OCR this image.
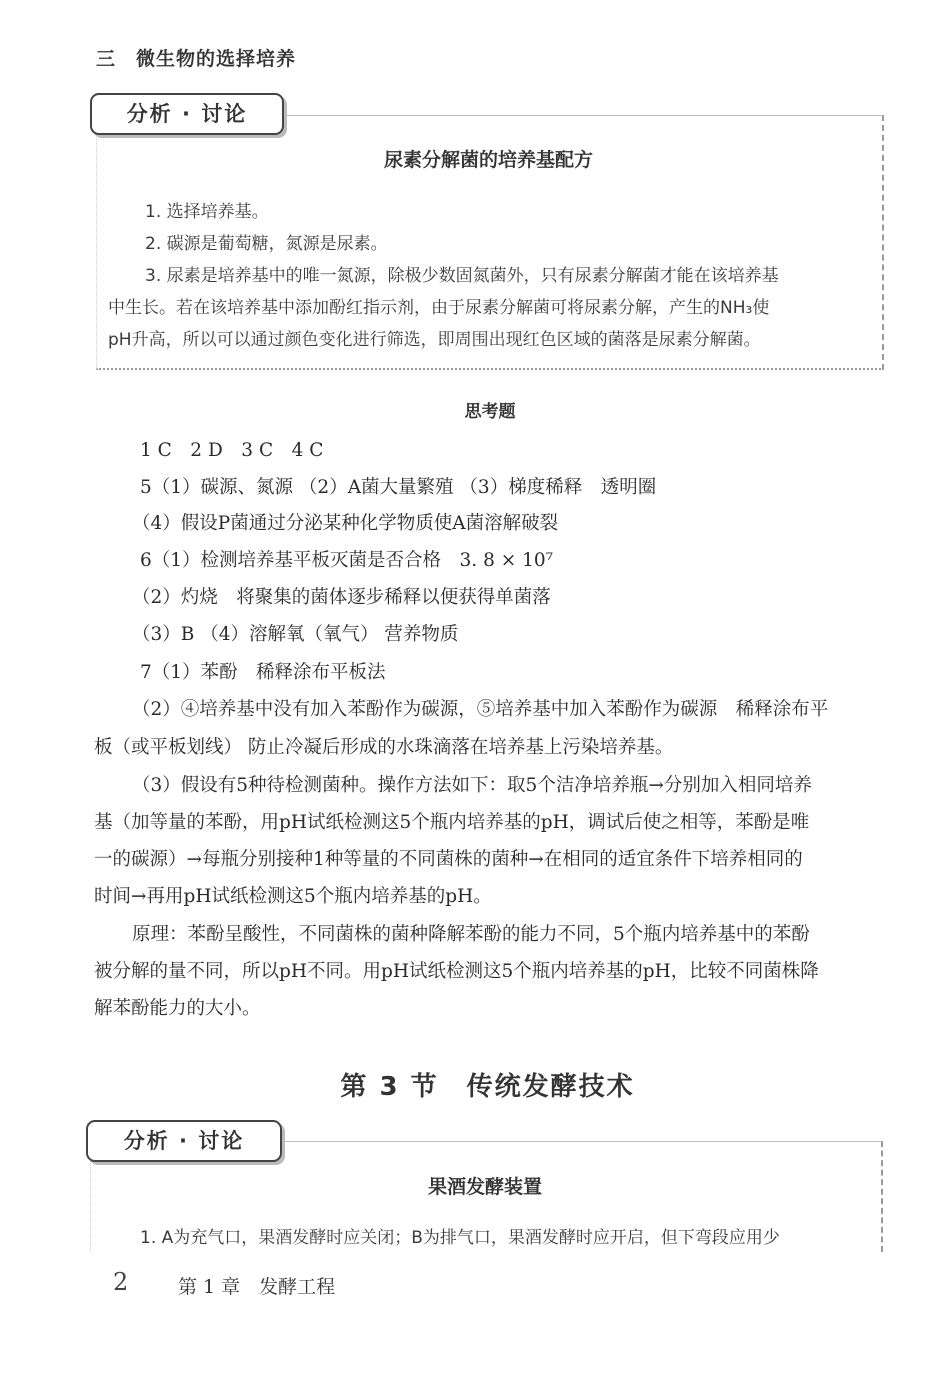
三　微生物的选择培养
分析 · 讨论
尿素分解菌的培养基配方
1. 选择培养基。
2. 碳源是葡萄糖，氮源是尿素。
3. 尿素是培养基中的唯一氮源，除极少数固氮菌外，只有尿素分解菌才能在该培养基
中生长。若在该培养基中添加酚红指示剂，由于尿素分解菌可将尿素分解，产生的NH₃使
pH升高，所以可以通过颜色变化进行筛选，即周围出现红色区域的菌落是尿素分解菌。
思考题
1 C　2 D　3 C　4 C
5（1）碳源、氮源 （2）A菌大量繁殖 （3）梯度稀释　透明圈
（4）假设P菌通过分泌某种化学物质使A菌溶解破裂
6（1）检测培养基平板灭菌是否合格　3. 8 × 10⁷
（2）灼烧　将聚集的菌体逐步稀释以便获得单菌落
（3）B （4）溶解氧（氧气） 营养物质
7（1）苯酚　稀释涂布平板法
（2）④培养基中没有加入苯酚作为碳源，⑤培养基中加入苯酚作为碳源　稀释涂布平
板（或平板划线） 防止冷凝后形成的水珠滴落在培养基上污染培养基。
（3）假设有5种待检测菌种。操作方法如下：取5个洁净培养瓶→分别加入相同培养
基（加等量的苯酚，用pH试纸检测这5个瓶内培养基的pH，调试后使之相等，苯酚是唯
一的碳源）→每瓶分别接种1种等量的不同菌株的菌种→在相同的适宜条件下培养相同的
时间→再用pH试纸检测这5个瓶内培养基的pH。
原理：苯酚呈酸性，不同菌株的菌种降解苯酚的能力不同，5个瓶内培养基中的苯酚
被分解的量不同，所以pH不同。用pH试纸检测这5个瓶内培养基的pH，比较不同菌株降
解苯酚能力的大小。
第 3 节　传统发酵技术
分析 · 讨论
果酒发酵装置
1. A为充气口，果酒发酵时应关闭；B为排气口，果酒发酵时应开启，但下弯段应用少
2	第 1 章　发酵工程
